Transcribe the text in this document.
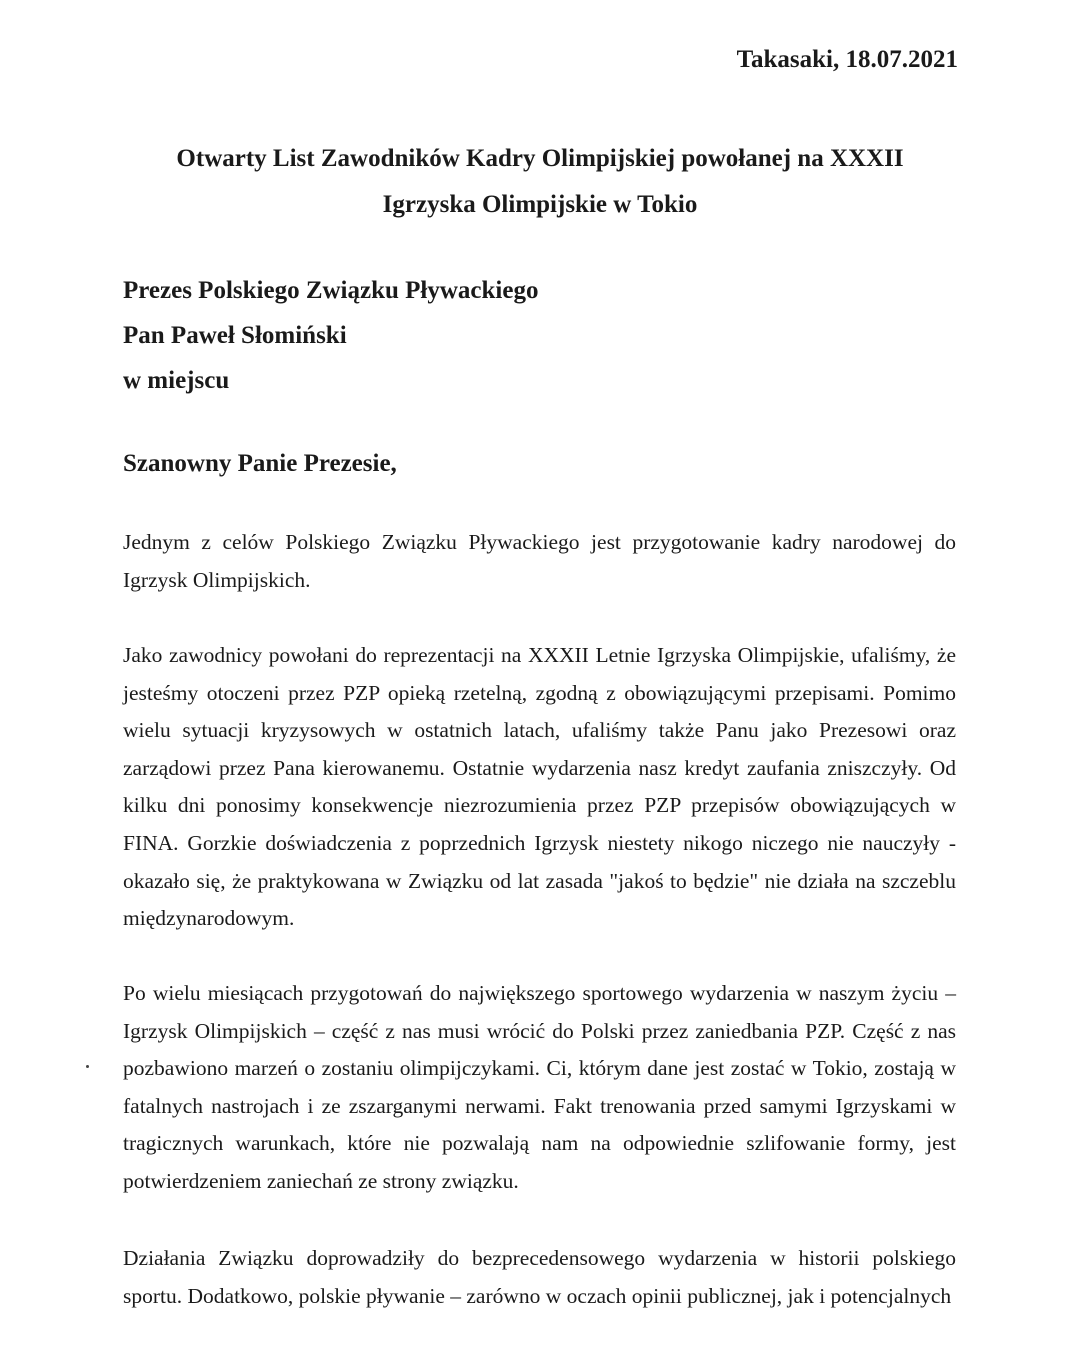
Takasaki, 18.07.2021
Otwarty List Zawodników Kadry Olimpijskiej powołanej na XXXII
Igrzyska Olimpijskie w Tokio
Prezes Polskiego Związku Pływackiego
Pan Paweł Słomiński
w miejscu
Szanowny Panie Prezesie,

Jednym z celów Polskiego Związku Pływackiego jest przygotowanie kadry narodowej do Igrzysk Olimpijskich.

Jako zawodnicy powołani do reprezentacji na XXXII Letnie Igrzyska Olimpijskie, ufaliśmy, że jesteśmy otoczeni przez PZP opieką rzetelną, zgodną z obowiązującymi przepisami. Pomimo wielu sytuacji kryzysowych w ostatnich latach, ufaliśmy także Panu jako Prezesowi oraz zarządowi przez Pana kierowanemu. Ostatnie wydarzenia nasz kredyt zaufania zniszczyły. Od kilku dni ponosimy konsekwencje niezrozumienia przez PZP przepisów obowiązujących w FINA. Gorzkie doświadczenia z poprzednich Igrzysk niestety nikogo niczego nie nauczyły - okazało się, że praktykowana w Związku od lat zasada "jakoś to będzie" nie działa na szczeblu międzynarodowym.

Po wielu miesiącach przygotowań do największego sportowego wydarzenia w naszym życiu – Igrzysk Olimpijskich – część z nas musi wrócić do Polski przez zaniedbania PZP. Część z nas pozbawiono marzeń o zostaniu olimpijczykami. Ci, którym dane jest zostać w Tokio, zostają w fatalnych nastrojach i ze zszarganymi nerwami. Fakt trenowania przed samymi Igrzyskami w tragicznych warunkach, które nie pozwalają nam na odpowiednie szlifowanie formy, jest potwierdzeniem zaniechań ze strony związku.

Działania Związku doprowadziły do bezprecedensowego wydarzenia w historii polskiego sportu. Dodatkowo, polskie pływanie – zarówno w oczach opinii publicznej, jak i potencjalnych
